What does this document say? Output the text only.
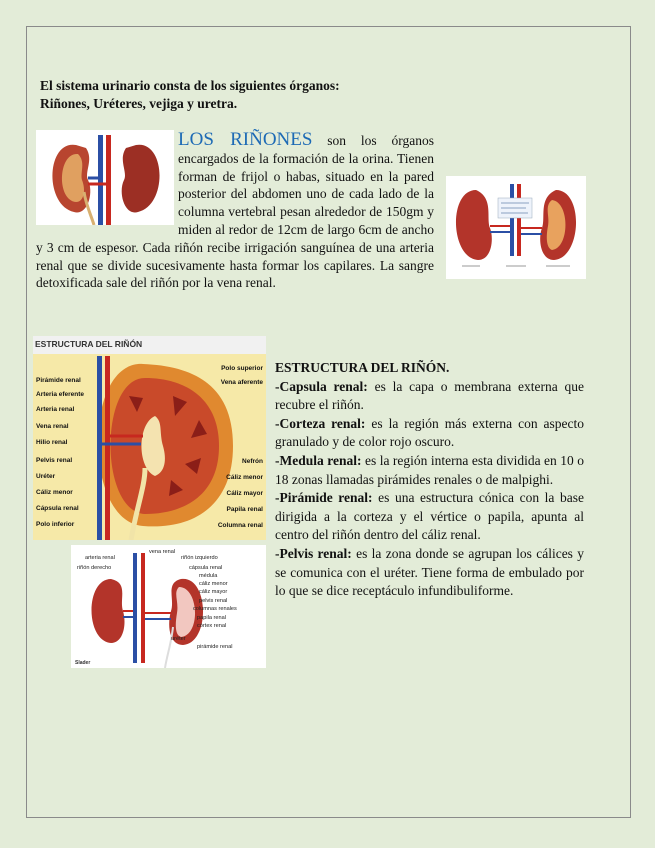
El sistema urinario consta de los siguientes órganos:

Riñones, Uréteres, vejiga y uretra.

LOS RIÑONES son los órganos encargados de la formación de la orina. Tienen forman de frijol o habas, situado en la pared posterior del abdomen uno de cada lado de la columna vertebral pesan alrededor de 150gm y miden al redor de 12cm de largo 6cm de ancho y 3 cm de espesor. Cada riñón recibe irrigación sanguínea de una arteria renal que se divide sucesivamente hasta formar los capilares. La sangre detoxificada sale del riñón por la vena renal.
ESTRUCTURA DEL RIÑÓN
Pirámide renal
Arteria eferente
Arteria renal
Vena renal
Hilio renal
Pelvis renal
Uréter
Cáliz menor
Cápsula renal
Polo inferior
Polo superior
Vena aferente
Nefrón
Cáliz menor
Cáliz mayor
Papila renal
Columna renal
arteria renal
riñón derecho
vena renal
riñón izquierdo
cápsula renal
médula
cáliz menor
cáliz mayor
pelvis renal
columnas renales
papila renal
córtex renal
uréter
pirámide renal
Slader

ESTRUCTURA DEL RIÑÓN.

-Capsula renal: es la capa o membrana externa que recubre el riñón.

-Corteza renal: es la región más externa con aspecto granulado y de color rojo oscuro.

-Medula renal: es la región interna esta dividida en 10 o 18 zonas llamadas pirámides renales o de malpighi.

-Pirámide renal: es una estructura cónica con la base dirigida a la corteza y el vértice o papila, apunta al centro del riñón dentro del cáliz renal.

-Pelvis renal: es la zona donde se agrupan los cálices y se comunica con el uréter. Tiene forma de embulado por lo que se dice receptáculo infundibuliforme.
